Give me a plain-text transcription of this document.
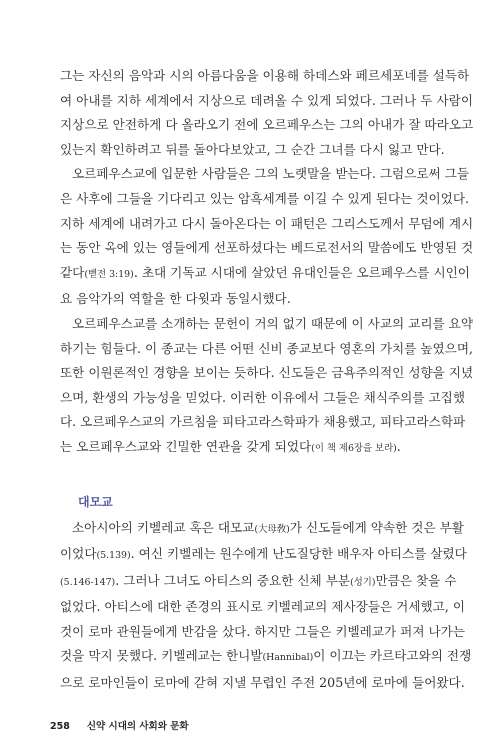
그는 자신의 음악과 시의 아름다움을 이용해 하데스와 페르세포네를 설득하
여 아내를 지하 세계에서 지상으로 데려올 수 있게 되었다. 그러나 두 사람이
지상으로 안전하게 다 올라오기 전에 오르페우스는 그의 아내가 잘 따라오고
있는지 확인하려고 뒤를 돌아다보았고, 그 순간 그녀를 다시 잃고 만다.
오르페우스교에 입문한 사람들은 그의 노랫말을 받는다. 그럼으로써 그들
은 사후에 그들을 기다리고 있는 암흑세계를 이길 수 있게 된다는 것이었다.
지하 세계에 내려가고 다시 돌아온다는 이 패턴은 그리스도께서 무덤에 계시
는 동안 옥에 있는 영들에게 선포하셨다는 베드로전서의 말씀에도 반영된 것
같다(벧전 3:19). 초대 기독교 시대에 살았던 유대인들은 오르페우스를 시인이
요 음악가의 역할을 한 다윗과 동일시했다.
오르페우스교를 소개하는 문헌이 거의 없기 때문에 이 사교의 교리를 요약
하기는 힘들다. 이 종교는 다른 어떤 신비 종교보다 영혼의 가치를 높였으며,
또한 이원론적인 경향을 보이는 듯하다. 신도들은 금욕주의적인 성향을 지녔
으며, 환생의 가능성을 믿었다. 이러한 이유에서 그들은 채식주의를 고집했
다. 오르페우스교의 가르침을 피타고라스학파가 채용했고, 피타고라스학파
는 오르페우스교와 긴밀한 연관을 갖게 되었다(이 책 제6장을 보라).
대모교
소아시아의 키벨레교 혹은 대모교(大母敎)가 신도들에게 약속한 것은 부활
이었다(5.139). 여신 키벨레는 원수에게 난도질당한 배우자 아티스를 살렸다
(5.146-147). 그러나 그녀도 아티스의 중요한 신체 부분(성기)만큼은 찾을 수
없었다. 아티스에 대한 존경의 표시로 키벨레교의 제사장들은 거세했고, 이
것이 로마 관원들에게 반감을 샀다. 하지만 그들은 키벨레교가 퍼져 나가는
것을 막지 못했다. 키벨레교는 한니발(Hannibal)이 이끄는 카르타고와의 전쟁
으로 로마인들이 로마에 갇혀 지낼 무렵인 주전 205년에 로마에 들어왔다.
258 신약 시대의 사회와 문화
